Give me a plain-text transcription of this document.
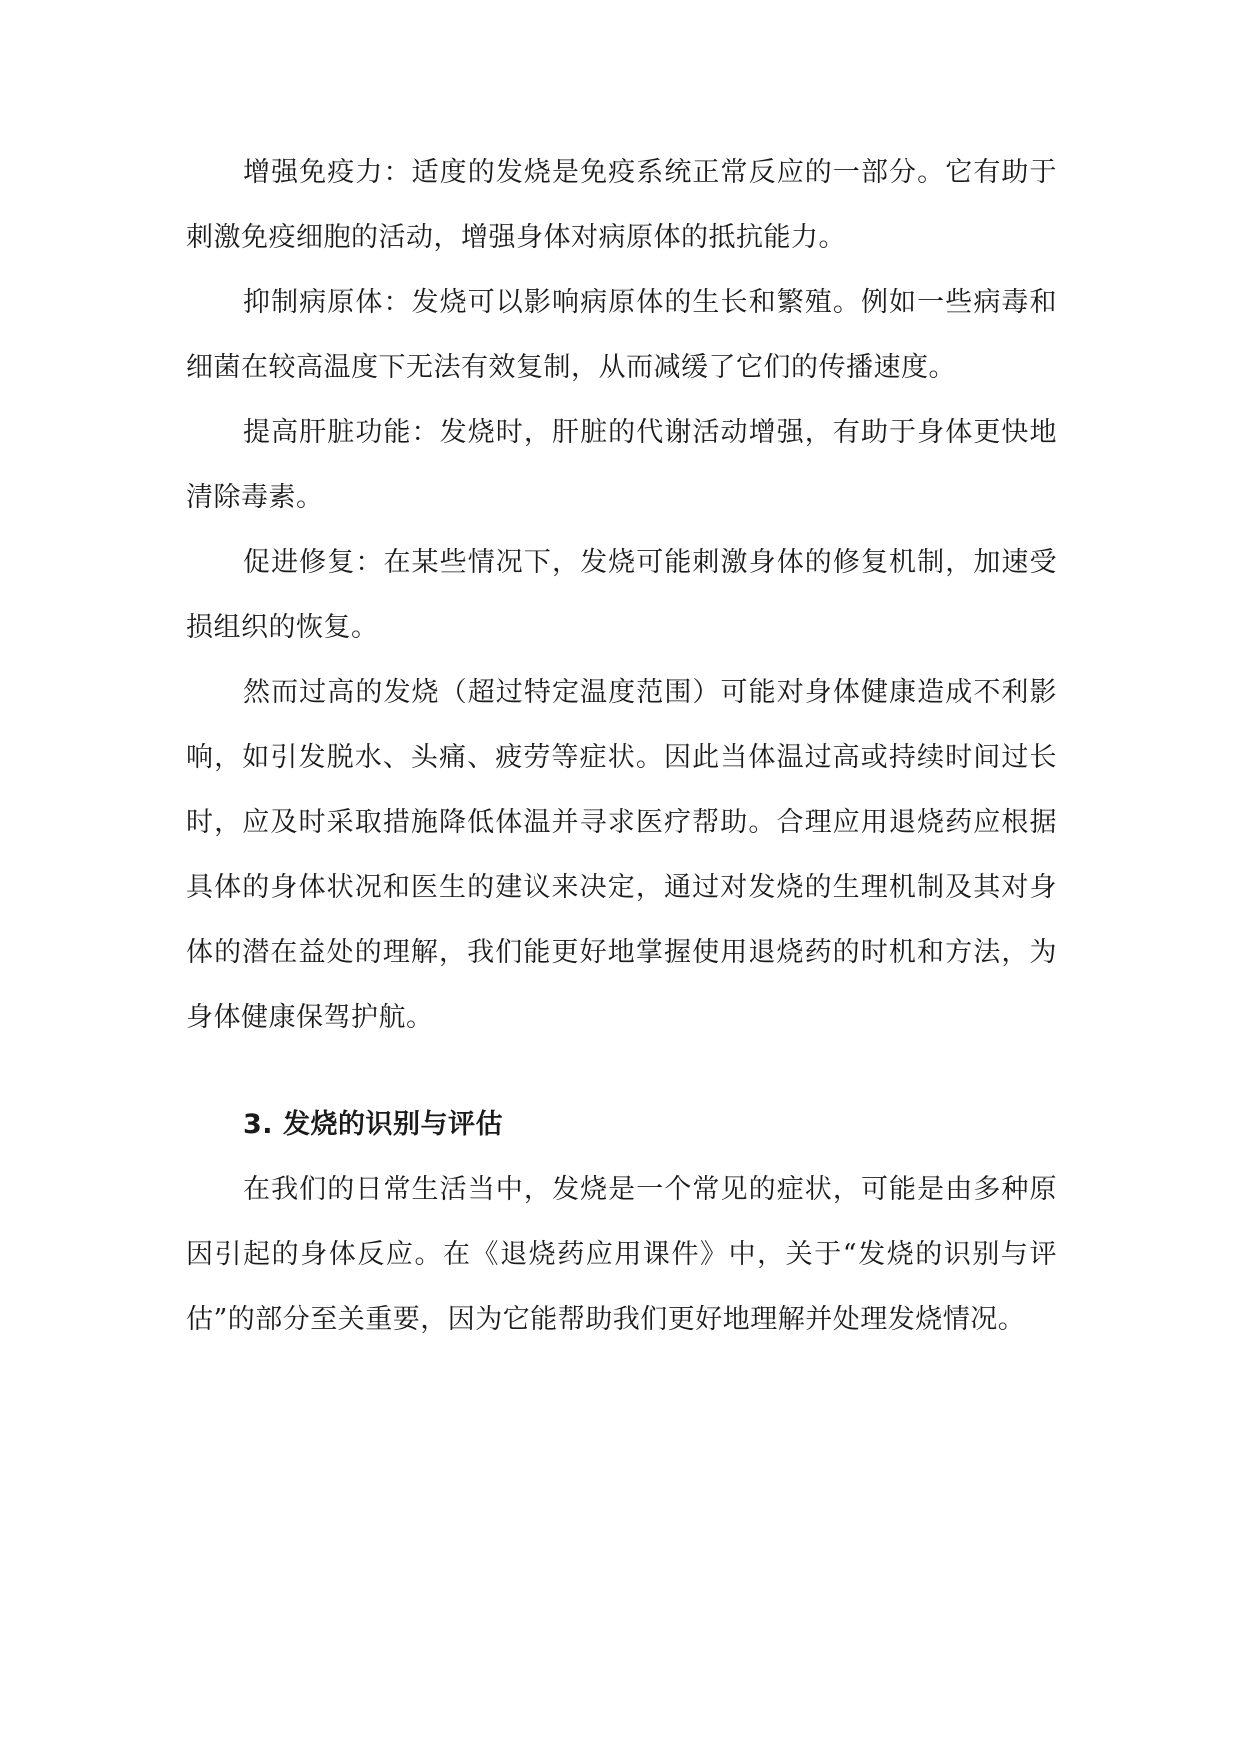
增强免疫力：适度的发烧是免疫系统正常反应的一部分。它有助于刺激免疫细胞的活动，增强身体对病原体的抵抗能力。

抑制病原体：发烧可以影响病原体的生长和繁殖。例如一些病毒和细菌在较高温度下无法有效复制，从而减缓了它们的传播速度。

提高肝脏功能：发烧时，肝脏的代谢活动增强，有助于身体更快地清除毒素。

促进修复：在某些情况下，发烧可能刺激身体的修复机制，加速受损组织的恢复。

然而过高的发烧（超过特定温度范围）可能对身体健康造成不利影响，如引发脱水、头痛、疲劳等症状。因此当体温过高或持续时间过长时，应及时采取措施降低体温并寻求医疗帮助。合理应用退烧药应根据具体的身体状况和医生的建议来决定，通过对发烧的生理机制及其对身体的潜在益处的理解，我们能更好地掌握使用退烧药的时机和方法，为身体健康保驾护航。

3. 发烧的识别与评估

在我们的日常生活当中，发烧是一个常见的症状，可能是由多种原因引起的身体反应。在《退烧药应用课件》中，关于“发烧的识别与评估”的部分至关重要，因为它能帮助我们更好地理解并处理发烧情况。
